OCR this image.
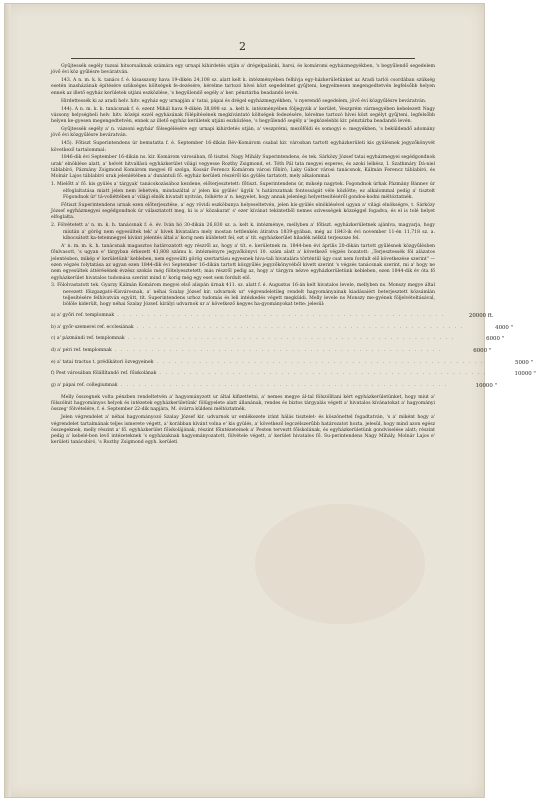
2

Gyűjtessék segély tuzsai hitsorsaiknak számára egy urnapi kihirdetés utján a' drégelpalánki, barsi, és komáromi egyházmegyékben, 's begyűlendő segedelem jövő évi köz gyűlésre beváratván.

143. A n. m. k. k. tanács f. é. kisasszony hava 19-dikén 24,108 sz. alatt kelt k. intézményében felhívja egy-házkerületünket az Aradi tarlói csordában szükség esetén inasházának építésére szükséges költségek fe-dezésére, kérelme tartozó hívei közt segedelmet gyűjteni, kegyelmesen megengedtetvén legfelsőbb helyen ennek az illető egyház kerületek utjáni eszközlése, 's begyűlendő segély a' ker. pénztárba beadandó levén.

Hirdettessék ki az aradi helv. hitv. egyház egy urnapján a' tatai, pápai és drégel egyházmegyékben, 's nyerendő segedelem, jövő évi közgyűlésre beváratván.

144). A n. m. k. k. tanácsnak f. é. ezent Mihál hava 9-dikén 38,898 sz. a. kelt k. intézményében följegyzik a' kerület, Veszprém vármegyében kebelezett Nagy vázsony helységbeli helv. hitv. középi ezzél egyházának fölépítésének megkívántató költségek fedezésére, kérelme tartozó hívei közt segélyt gyűjteni, legfelsőbb helyen ke-gyesen megengedtetvén, ennek az illető egyház kerületek utjáni eszközlése, 's begyűlendő segély a' legközelebbi kir. pénztárba beadandó levén.

Gyűjtessék segély a' n. vázsoni egyház' fölsegélésére egy urnapi kihirdetés utján, a' veszprémi, mezőföldi és somogyi e. megyékben, 's beküldendő adomány jövő évi közgyűlésre beváratván.

145). Főtiszt Superintendens úr bemutatta f. é. September 16-dikán Rév-Komárom csabal kir. városban tartott egyházkerületi kis gyülésnek jegyzőkönyvét következő tartalommal:

1846-dik évi September 16-dikán ns. kir. Komárom városában, fő tisztel. Nagy Mihály Superintendens, és tek. Sárközy József tatai egyházmegyei segédgondnok urak' elnöklése alatt, a' helvét hitvallású egyházkerület világi vegyesse Rozthy Zsigmond, et. Tóth Pál tata megyei esperes, és azoki lelkész, I. Szathmáry Dá-niel táblabíró, Pázmány Zsigmond Komárom megyei fő szolga, Kossár Ferencz Komárom városi főbíró, Laky Gábor városi tanácsnok, Kálmán Ferencz táblabíró, és Molnár Lajos táblabíró urak jelenlétében a' dunántuli fő. egyház kerületi részéről kis gyülés tartatott, mely alkalommal:

1. Mielőtt a' fő. kis gyülés a' tárgyak' tanácskozásához kezdene, előterjesztetett: főtiszt. Superintendens úr, miksép nagytek. Fogondnok úrhak Pázmány Bánnev úr elfoglaltatása miatt jelen nem lehetvén, mindazáltal a' jelen kis gyülés' ügyik 's határozatnak fontosságát véle közlötte; ez alkalommal pedig a' tisztelt Fögondnok úr' tá-volléttében a' világi elnök hivatalt nyitván, folkérte a' n. kegyelet, hogy annak jelenlegi helyettesítéséről gondos-kodni méltóztatnék.

Főtiszt Superintendens urnak ezen előterjesztése, a' egy rövidi eszköbunya helyeseltetvén, jelen kis-gyülés elnöklésével ugyan a' világi elnökségre, t. Sárközy József egyházmegyei segédgondnok úr választatott meg, ki is a' közakarat' s' ezer kívánat tekintetből nemes szivességek közzéggel fogadva, és el is tolé helyet elfoglalta.

2. Fölvétetett a' n. m. k. h. tanácsnak f. é. év. Iván hó 30-dikán 26,830 sz. a. kelt k. intézménye, mellyben a' főtiszt. egyházkerületnek ajánlva, magyarja, hogy miután a' görög nem egyesültek tek' a' hívek hivatalára mely mostan tettlenkén átiratva 1839-gyában, még az 1843-ik évi november 11-én 11,718 sz. a. kibocsátott ka-tetemnegyel kivánt jelentés által a' korig nem küldetett fel, ezt a' tít. egyházkerület hiladék nélkül terjeszsze fel.

A' n. m. m. k. h. tanácsnak magasztos határozatott egy részről az, hogy a' tít. e. kerületnek m. 1844-ben évi április 20-dikán tartott gyűlésnek közgyűlésben főnlvasott, 's ugyan e' tárgyban érkezett 41,808 számu k. intézményre jegyzőkönyvi 10. szám alatt a' következő végzés hozatott: „Terjesztessék föl alázatos jelentésben, mikép e' kerületünk' kebleben, nem egyesülti görög szertartásu egyesnek hiva-tali hivatalára történtül ügy csat nem fordult elő következése szerint" — ezen végzés folytatása az ugyan ezen 1844-dik évi September 16-dikán tartott közgyűlés jegyzőkönyvéből kivett szerint 's végzés tanácsnak szerint, mi a' hogy ne nem egyesültek áttérésének évzész szokás még föltelyesztetett; más részről pedig az, hogy a' tárgyra nézve egyházkerületünk kebleben, ezen 1844-dik év óta fő egyházkerület hivatalos tudomása szerint mind n' korig még egy eset sem fordult elő.

3. Fölolvastatott tek. Gyarzy Kálmán Komárom megyei első alispán úrnak 411. sz. alatt f. é. Augustus 16-án kelt hivatalos levele, mellyben ns. Monszy megye által nevezett főizgazgató-Kisvárosnak, a' néhai Szalay József kir. udvarnok ur' végrendeletileg rendelt hagyományainak kiadásaiért beterjesztett közsámlán teljesítésére felhívatván együtt, tít. Superintendens urhoz tudomás és leli intézkedés végett megküldi. Melly levele ns Monszy me-gyének följelvételtásával, bölöle kiderült, hogy néhai Szalay József. királyi udvarnok ur a' következő kegyes ha-gyományokat tette: jelesül:

a) a' győri ref. templomnak . . . . . . . . . . . . . . . . . . . . . . . . . . . . . . . . . . . . . . . . . . . . . . . . . . . . . .	20000 ft.
b) a' győr-szemerei ref. ecclesiának . . . . . . . . . . . . . . . . . . . . . . . . . . . . . . . . . . . . . . . . . . . . . . . . . . . . . .	4000 "
c) a' pázmándi ref. templomnak . . . . . . . . . . . . . . . . . . . . . . . . . . . . . . . . . . . . . . . . . . . . . . . . . . . . . .	6000 "
d) a' péri ref. templomnak . . . . . . . . . . . . . . . . . . . . . . . . . . . . . . . . . . . . . . . . . . . . . . . . . . . . . .	6000 "
e) a' tatai tractus t. prédikátori özvegyeinek . . . . . . . . . . . . . . . . . . . . . . . . . . . . . . . . . . . . . . . . . . . . . . . . . . . . . .	5000 "
f) Pest városában fölállítandó ref. főiskolának . . . . . . . . . . . . . . . . . . . . . . . . . . . . . . . . . . . . . . . . . . . . . . . . . . . . . .	10000 "
g) a' pápai ref. collegiumnak . . . . . . . . . . . . . . . . . . . . . . . . . . . . . . . . . . . . . . . . . . . . . . . . . . . . . .	10000 "

Melly összegnek volta pénzben rendeltetvén a' hagyományzott ur által kifizettetni, a' nemes megye ál-tal fölszólítani kért egyházkerületünket, hogy miut a' fölszólnit hagyományos helyek és intézetek egyházkerületünk' fölügyelete alatt állanának, rendes és biztos tárgyalás végett a' hivatalos kívánatokat a' hagyományi összeg' fölvételére, f. é. September 22-dik napjára, M. óvárra küldeni méltóztatnék.

Jelen végrendelet a' néhai hagyományozó Szalay József kir. udvarnok ur emlékezete iránt hálás tisztelet- és köszönettel fogadtatván, 's a' miként hogy a' végrendelet tartalmának teljes ismerete végett, a' korábban kívánt volna e' kis gyülés, a' következő legczélszerűbb határozatot hozta, jelesül, hogy mind azon egész összegeknek, melly részint a' fő. egyházkerület főiskolájának, részint főintézeteinek a' Pesten terveztt főiskolának, és egyházkerületünk gondviselése alatt; részint pedig a' kebelé-ben levő intézeteknek 's egyházaknak hagyományozatott, fölvétele végett, a' kerület hivatalos fő. Su-perintendens Nagy Mihály, Molnár Lajos e' kerületi tanácsbíró, 's Rozthy Zsigmond egyh. kerületi
